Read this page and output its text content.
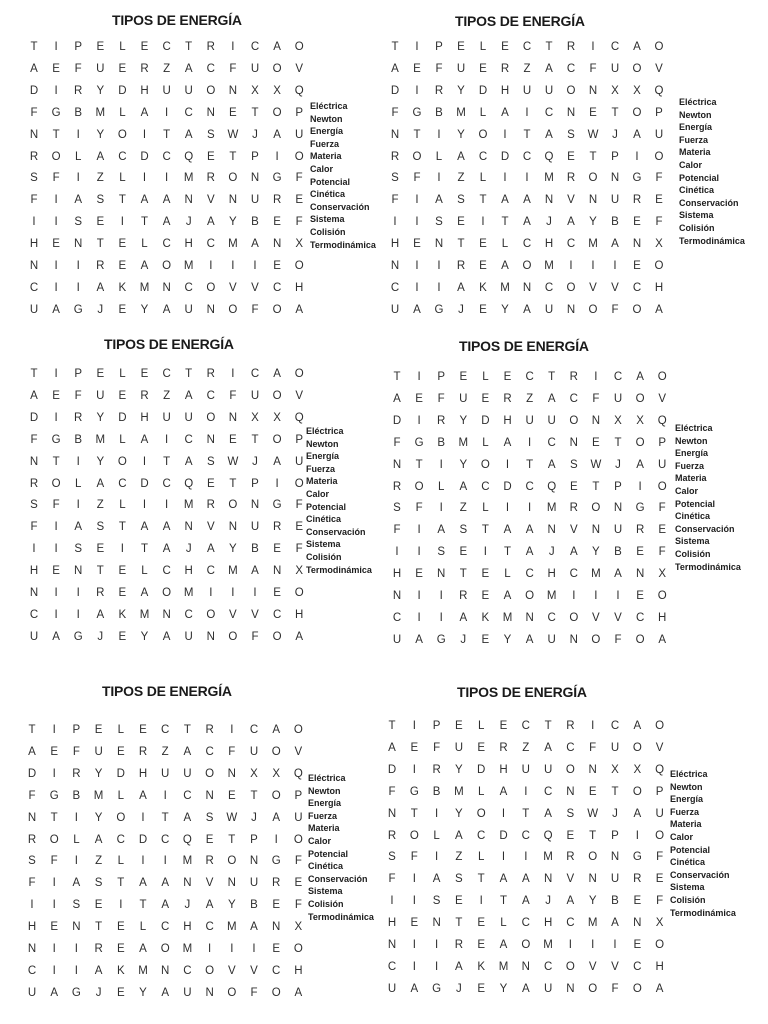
TIPOS DE ENERGÍA
T	I	P E	L	E C	T	R	I	C A O
A E	F	U E R	Z	A C	F	U O V
D	I	R Y D H U U O N X X Q
F	G B M	L	A	I	C N E	T	O P
N	T	I	Y O	I	T	A S W	J	A U
R O	L	A C D C Q E	T	P	I	O
S	F	I	Z	L	I	I	M R O N G	F
F	I	A S	T	A A N V N U R E
I	I	S E	I	T	A	J	A Y B E	F
H E N	T	E	L	C H C M A N X
N	I	I	R E A O M	I	I	I	E O
C	I	I	A K M N C O V V C H
U A G	J	E Y A U N O	F	O A
Eléctrica
Newton
Energía
Fuerza
Materia
Calor
Potencial
Cinética
Conservación
Sistema
Colisión
Termodinámica
TIPOS DE ENERGÍA
T	I	P E	L	E C	T	R	I	C A O
A E	F	U E R	Z	A C	F	U O V
D	I	R Y D H U U O N X X Q
F	G B M	L	A	I	C N E	T	O P
N	T	I	Y O	I	T	A S W	J	A U
R O	L	A C D C Q E	T	P	I	O
S	F	I	Z	L	I	I	M R O N G	F
F	I	A S	T	A A N V N U R E
I	I	S E	I	T	A	J	A Y B E	F
H E N	T	E	L	C H C M A N X
N	I	I	R E A O M	I	I	I	E O
C	I	I	A K M N C O V V C H
U A G	J	E Y A U N O	F	O A
Eléctrica
Newton
Energía
Fuerza
Materia
Calor
Potencial
Cinética
Conservación
Sistema
Colisión
Termodinámica
TIPOS DE ENERGÍA
T	I	P E	L	E C	T	R	I	C A O
A E	F	U E R	Z	A C	F	U O V
D	I	R Y D H U U O N X X Q
F	G B M	L	A	I	C N E	T	O P
N	T	I	Y O	I	T	A S W	J	A U
R O	L	A C D C Q E	T	P	I	O
S	F	I	Z	L	I	I	M R O N G	F
F	I	A S	T	A A N V N U R E
I	I	S E	I	T	A	J	A Y B E	F
H E N	T	E	L	C H C M A N X
N	I	I	R E A O M	I	I	I	E O
C	I	I	A K M N C O V V C H
U A G	J	E Y A U N O	F	O A
Eléctrica
Newton
Energía
Fuerza
Materia
Calor
Potencial
Cinética
Conservación
Sistema
Colisión
Termodinámica
TIPOS DE ENERGÍA
T	I	P E	L	E C	T	R	I	C A O
A E	F	U E R	Z	A C	F	U O V
D	I	R Y D H U U O N X X Q
F	G B M	L	A	I	C N E	T	O P
N	T	I	Y O	I	T	A S W	J	A U
R O	L	A C D C Q E	T	P	I	O
S	F	I	Z	L	I	I	M R O N G	F
F	I	A S	T	A A N V N U R E
I	I	S E	I	T	A	J	A Y B E	F
H E N	T	E	L	C H C M A N X
N	I	I	R E A O M	I	I	I	E O
C	I	I	A K M N C O V V C H
U A G	J	E Y A U N O	F	O A
Eléctrica
Newton
Energía
Fuerza
Materia
Calor
Potencial
Cinética
Conservación
Sistema
Colisión
Termodinámica
TIPOS DE ENERGÍA
T	I	P E	L	E C	T	R	I	C A O
A E	F	U E R	Z	A C	F	U O V
D	I	R Y D H U U O N X X Q
F	G B M	L	A	I	C N E	T	O P
N	T	I	Y O	I	T	A S W	J	A U
R O	L	A C D C Q E	T	P	I	O
S	F	I	Z	L	I	I	M R O N G	F
F	I	A S	T	A A N V N U R E
I	I	S E	I	T	A	J	A Y B E	F
H E N	T	E	L	C H C M A N X
N	I	I	R E A O M	I	I	I	E O
C	I	I	A K M N C O V V C H
U A G	J	E Y A U N O	F	O A
Eléctrica
Newton
Energía
Fuerza
Materia
Calor
Potencial
Cinética
Conservación
Sistema
Colisión
Termodinámica
TIPOS DE ENERGÍA
T	I	P E	L	E C	T	R	I	C A O
A E	F	U E R	Z	A C	F	U O V
D	I	R Y D H U U O N X X Q
F	G B M	L	A	I	C N E	T	O P
N	T	I	Y O	I	T	A S W	J	A U
R O	L	A C D C Q E	T	P	I	O
S	F	I	Z	L	I	I	M R O N G	F
F	I	A S	T	A A N V N U R E
I	I	S E	I	T	A	J	A Y B E	F
H E N	T	E	L	C H C M A N X
N	I	I	R E A O M	I	I	I	E O
C	I	I	A K M N C O V V C H
U A G	J	E Y A U N O	F	O A
Eléctrica
Newton
Energía
Fuerza
Materia
Calor
Potencial
Cinética
Conservación
Sistema
Colisión
Termodinámica
